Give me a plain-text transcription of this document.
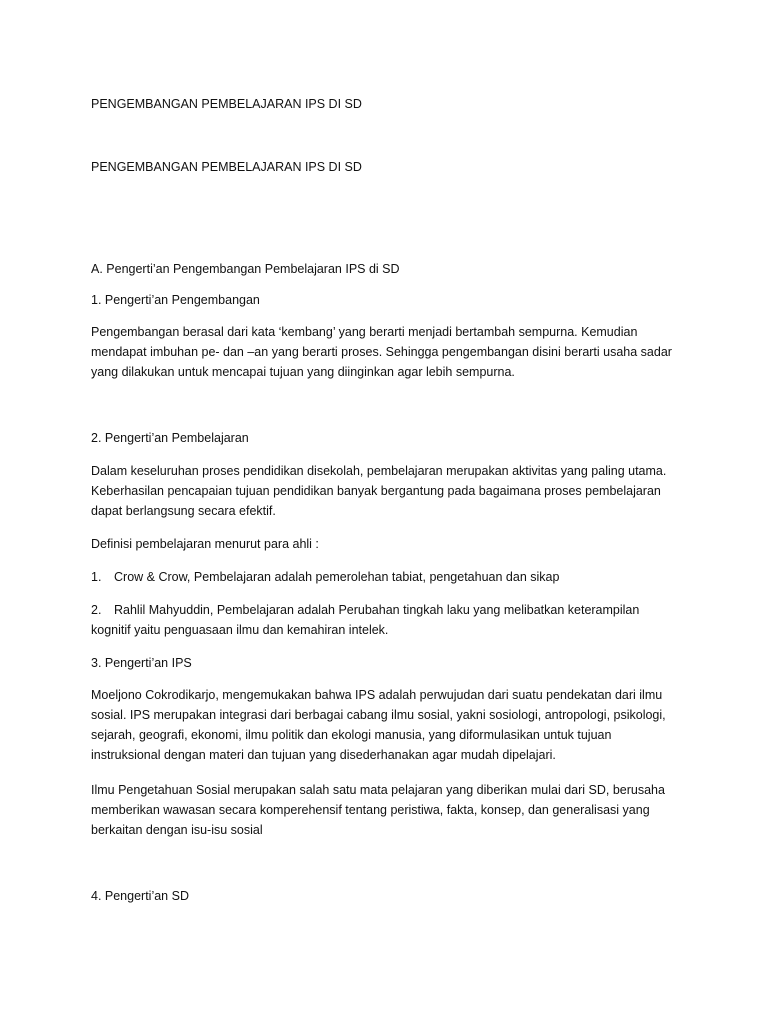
PENGEMBANGAN PEMBELAJARAN IPS DI SD
PENGEMBANGAN PEMBELAJARAN IPS DI SD
A. Pengerti’an Pengembangan Pembelajaran IPS di SD
1. Pengerti’an Pengembangan
Pengembangan berasal dari kata ‘kembang’ yang berarti menjadi bertambah sempurna. Kemudian
mendapat imbuhan pe- dan –an yang berarti proses. Sehingga pengembangan disini berarti usaha sadar
yang dilakukan untuk mencapai tujuan yang diinginkan agar lebih sempurna.
2. Pengerti’an Pembelajaran
Dalam keseluruhan proses pendidikan disekolah, pembelajaran merupakan aktivitas yang paling utama.
Keberhasilan pencapaian tujuan pendidikan banyak bergantung pada bagaimana proses pembelajaran
dapat berlangsung secara efektif.
Definisi pembelajaran menurut para ahli :
1. Crow & Crow, Pembelajaran adalah pemerolehan tabiat, pengetahuan dan sikap
2. Rahlil Mahyuddin, Pembelajaran adalah Perubahan tingkah laku yang melibatkan keterampilan
kognitif yaitu penguasaan ilmu dan kemahiran intelek.
3. Pengerti’an IPS
Moeljono Cokrodikarjo, mengemukakan bahwa IPS adalah perwujudan dari suatu pendekatan dari ilmu
sosial. IPS merupakan integrasi dari berbagai cabang ilmu sosial, yakni sosiologi, antropologi, psikologi,
sejarah, geografi, ekonomi, ilmu politik dan ekologi manusia, yang diformulasikan untuk tujuan
instruksional dengan materi dan tujuan yang disederhanakan agar mudah dipelajari.
Ilmu Pengetahuan Sosial merupakan salah satu mata pelajaran yang diberikan mulai dari SD, berusaha
memberikan wawasan secara komperehensif tentang peristiwa, fakta, konsep, dan generalisasi yang
berkaitan dengan isu-isu sosial
4. Pengerti’an SD
